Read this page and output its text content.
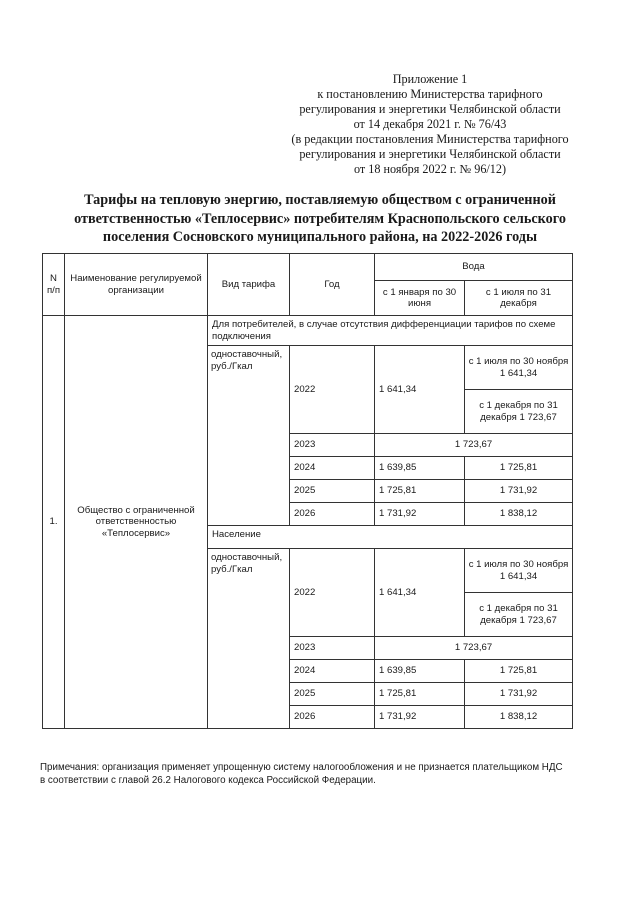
Приложение 1
к постановлению Министерства тарифного
регулирования и энергетики Челябинской области
от 14 декабря 2021 г. № 76/43
(в редакции постановления Министерства тарифного
регулирования и энергетики Челябинской области
от 18 ноября 2022 г. № 96/12)
Тарифы на тепловую энергию, поставляемую обществом с ограниченной
ответственностью «Теплосервис» потребителям Краснопольского сельского
поселения Сосновского муниципального района, на 2022-2026 годы
N п/п	Наименование регулируемой организации	Вид тарифа	Год	Вода	
				с 1 января по 30 июня	с 1 июля по 31 декабря
1.	Общество с ограниченной ответственностью «Теплосервис»	Для потребителей, в случае отсутствия дифференциации тарифов по схеме подключения			
		одноставочный, руб./Гкал	2022	1 641,34	с 1 июля по 30 ноября 1 641,34
					с 1 декабря по 31 декабря 1 723,67
			2023	1 723,67	
			2024	1 639,85	1 725,81
			2025	1 725,81	1 731,92
			2026	1 731,92	1 838,12
		Население			
		одноставочный, руб./Гкал	2022	1 641,34	с 1 июля по 30 ноября 1 641,34
					с 1 декабря по 31 декабря 1 723,67
			2023	1 723,67	
			2024	1 639,85	1 725,81
			2025	1 725,81	1 731,92
			2026	1 731,92	1 838,12
Примечания: организация применяет упрощенную систему налогообложения и не признается плательщиком НДС
в соответствии с главой 26.2 Налогового кодекса Российской Федерации.
